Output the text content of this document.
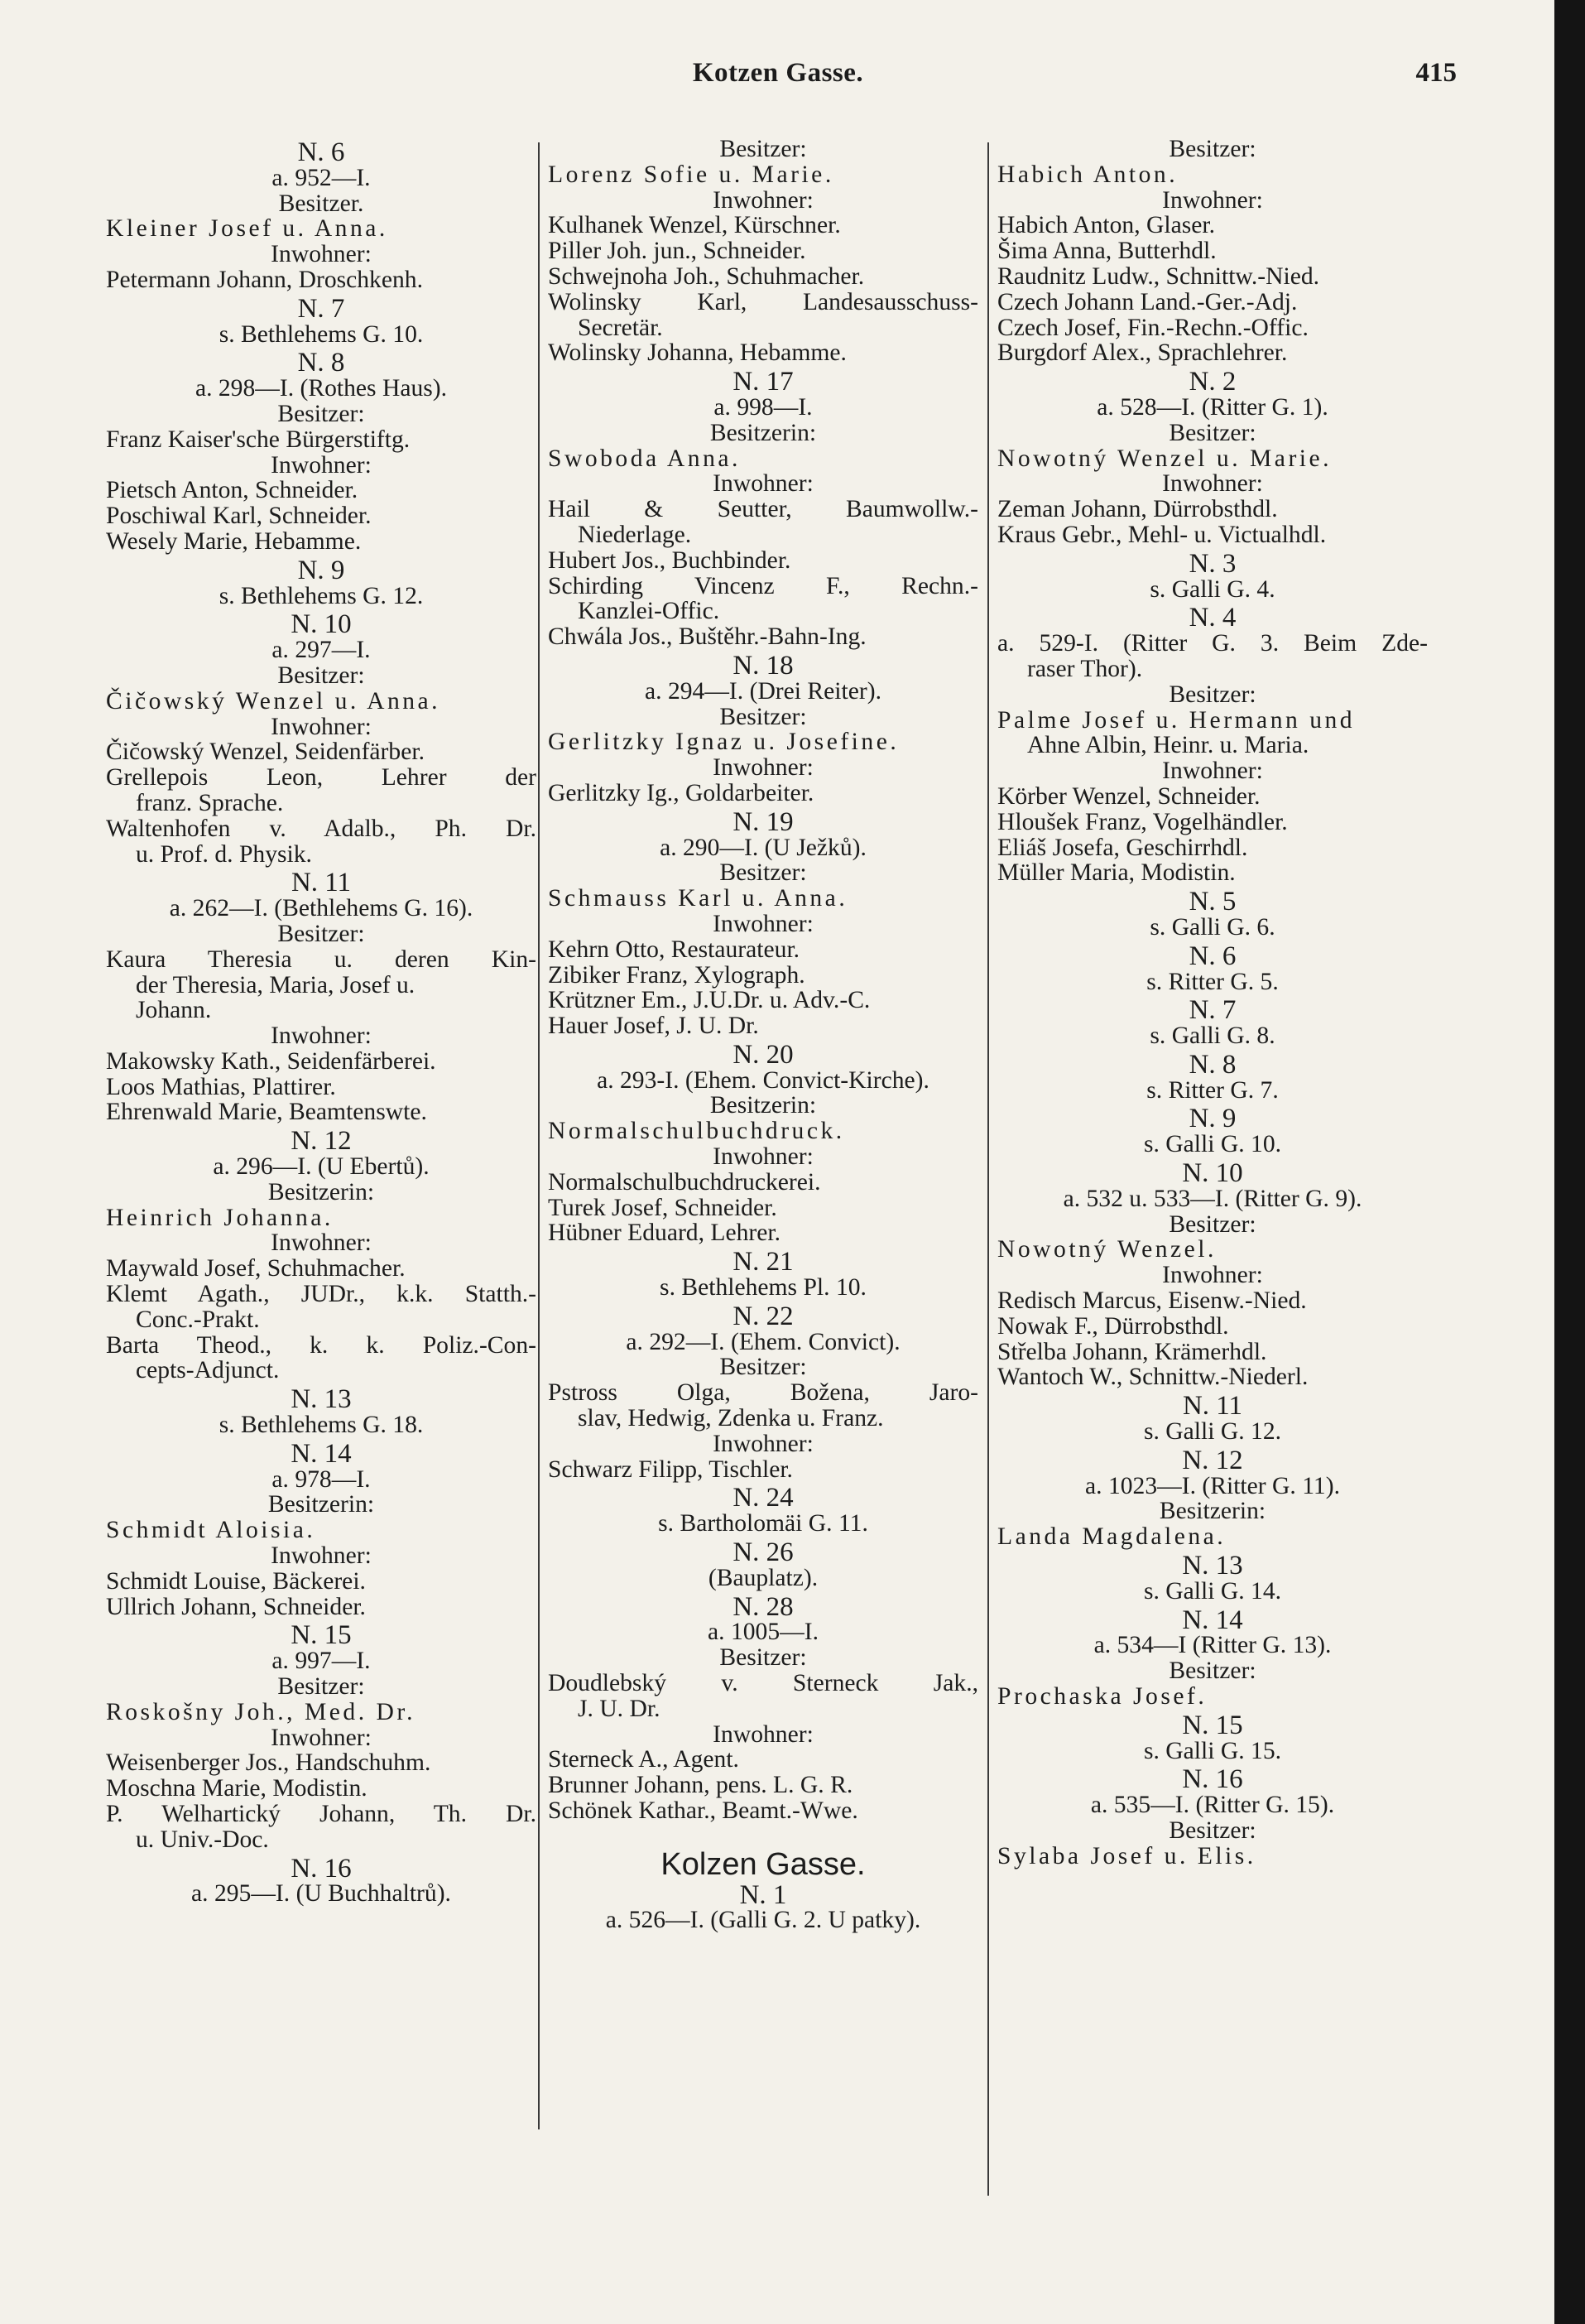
Kotzen Gasse.	415
N. 6
a. 952—I.
Besitzer.
Kleiner Josef u. Anna.
Inwohner:
Petermann Johann, Droschkenh.
N. 7
s. Bethlehems G. 10.
N. 8
a. 298—I. (Rothes Haus).
Besitzer:
Franz Kaiser'sche Bürgerstiftg.
Inwohner:
Pietsch Anton, Schneider.
Poschiwal Karl, Schneider.
Wesely Marie, Hebamme.
N. 9
s. Bethlehems G. 12.
N. 10
a. 297—I.
Besitzer:
Čičowský Wenzel u. Anna.
Inwohner:
Čičowský Wenzel, Seidenfärber.
Grellepois Leon, Lehrer der
franz. Sprache.
Waltenhofen v. Adalb., Ph. Dr.
u. Prof. d. Physik.
N. 11
a. 262—I. (Bethlehems G. 16).
Besitzer:
Kaura Theresia u. deren Kin-
der Theresia, Maria, Josef u.
Johann.
Inwohner:
Makowsky Kath., Seidenfärberei.
Loos Mathias, Plattirer.
Ehrenwald Marie, Beamtenswte.
N. 12
a. 296—I. (U Ebertů).
Besitzerin:
Heinrich Johanna.
Inwohner:
Maywald Josef, Schuhmacher.
Klemt Agath., JUDr., k.k. Statth.-
Conc.-Prakt.
Barta Theod., k. k. Poliz.-Con-
cepts-Adjunct.
N. 13
s. Bethlehems G. 18.
N. 14
a. 978—I.
Besitzerin:
Schmidt Aloisia.
Inwohner:
Schmidt Louise, Bäckerei.
Ullrich Johann, Schneider.
N. 15
a. 997—I.
Besitzer:
Roskošny Joh., Med. Dr.
Inwohner:
Weisenberger Jos., Handschuhm.
Moschna Marie, Modistin.
P. Welhartický Johann, Th. Dr.
u. Univ.-Doc.
N. 16
a. 295—I. (U Buchhaltrů).
Besitzer:
Lorenz Sofie u. Marie.
Inwohner:
Kulhanek Wenzel, Kürschner.
Piller Joh. jun., Schneider.
Schwejnoha Joh., Schuhmacher.
Wolinsky Karl, Landesausschuss-
Secretär.
Wolinsky Johanna, Hebamme.
N. 17
a. 998—I.
Besitzerin:
Swoboda Anna.
Inwohner:
Hail & Seutter, Baumwollw.-
Niederlage.
Hubert Jos., Buchbinder.
Schirding Vincenz F., Rechn.-
Kanzlei-Offic.
Chwála Jos., Buštěhr.-Bahn-Ing.
N. 18
a. 294—I. (Drei Reiter).
Besitzer:
Gerlitzky Ignaz u. Josefine.
Inwohner:
Gerlitzky Ig., Goldarbeiter.
N. 19
a. 290—I. (U Ježků).
Besitzer:
Schmauss Karl u. Anna.
Inwohner:
Kehrn Otto, Restaurateur.
Zibiker Franz, Xylograph.
Krützner Em., J.U.Dr. u. Adv.-C.
Hauer Josef, J. U. Dr.
N. 20
a. 293-I. (Ehem. Convict-Kirche).
Besitzerin:
Normalschulbuchdruck.
Inwohner:
Normalschulbuchdruckerei.
Turek Josef, Schneider.
Hübner Eduard, Lehrer.
N. 21
s. Bethlehems Pl. 10.
N. 22
a. 292—I. (Ehem. Convict).
Besitzer:
Pstross Olga, Božena, Jaro-
slav, Hedwig, Zdenka u. Franz.
Inwohner:
Schwarz Filipp, Tischler.
N. 24
s. Bartholomäi G. 11.
N. 26
(Bauplatz).
N. 28
a. 1005—I.
Besitzer:
Doudlebský v. Sterneck Jak.,
J. U. Dr.
Inwohner:
Sterneck A., Agent.
Brunner Johann, pens. L. G. R.
Schönek Kathar., Beamt.-Wwe.
Kolzen Gasse.
N. 1
a. 526—I. (Galli G. 2. U patky).
Besitzer:
Habich Anton.
Inwohner:
Habich Anton, Glaser.
Šima Anna, Butterhdl.
Raudnitz Ludw., Schnittw.-Nied.
Czech Johann Land.-Ger.-Adj.
Czech Josef, Fin.-Rechn.-Offic.
Burgdorf Alex., Sprachlehrer.
N. 2
a. 528—I. (Ritter G. 1).
Besitzer:
Nowotný Wenzel u. Marie.
Inwohner:
Zeman Johann, Dürrobsthdl.
Kraus Gebr., Mehl- u. Victualhdl.
N. 3
s. Galli G. 4.
N. 4
a. 529-I. (Ritter G. 3. Beim Zde-
raser Thor).
Besitzer:
Palme Josef u. Hermann und
Ahne Albin, Heinr. u. Maria.
Inwohner:
Körber Wenzel, Schneider.
Hloušek Franz, Vogelhändler.
Eliáš Josefa, Geschirrhdl.
Müller Maria, Modistin.
N. 5
s. Galli G. 6.
N. 6
s. Ritter G. 5.
N. 7
s. Galli G. 8.
N. 8
s. Ritter G. 7.
N. 9
s. Galli G. 10.
N. 10
a. 532 u. 533—I. (Ritter G. 9).
Besitzer:
Nowotný Wenzel.
Inwohner:
Redisch Marcus, Eisenw.-Nied.
Nowak F., Dürrobsthdl.
Střelba Johann, Krämerhdl.
Wantoch W., Schnittw.-Niederl.
N. 11
s. Galli G. 12.
N. 12
a. 1023—I. (Ritter G. 11).
Besitzerin:
Landa Magdalena.
N. 13
s. Galli G. 14.
N. 14
a. 534—I (Ritter G. 13).
Besitzer:
Prochaska Josef.
N. 15
s. Galli G. 15.
N. 16
a. 535—I. (Ritter G. 15).
Besitzer:
Sylaba Josef u. Elis.
